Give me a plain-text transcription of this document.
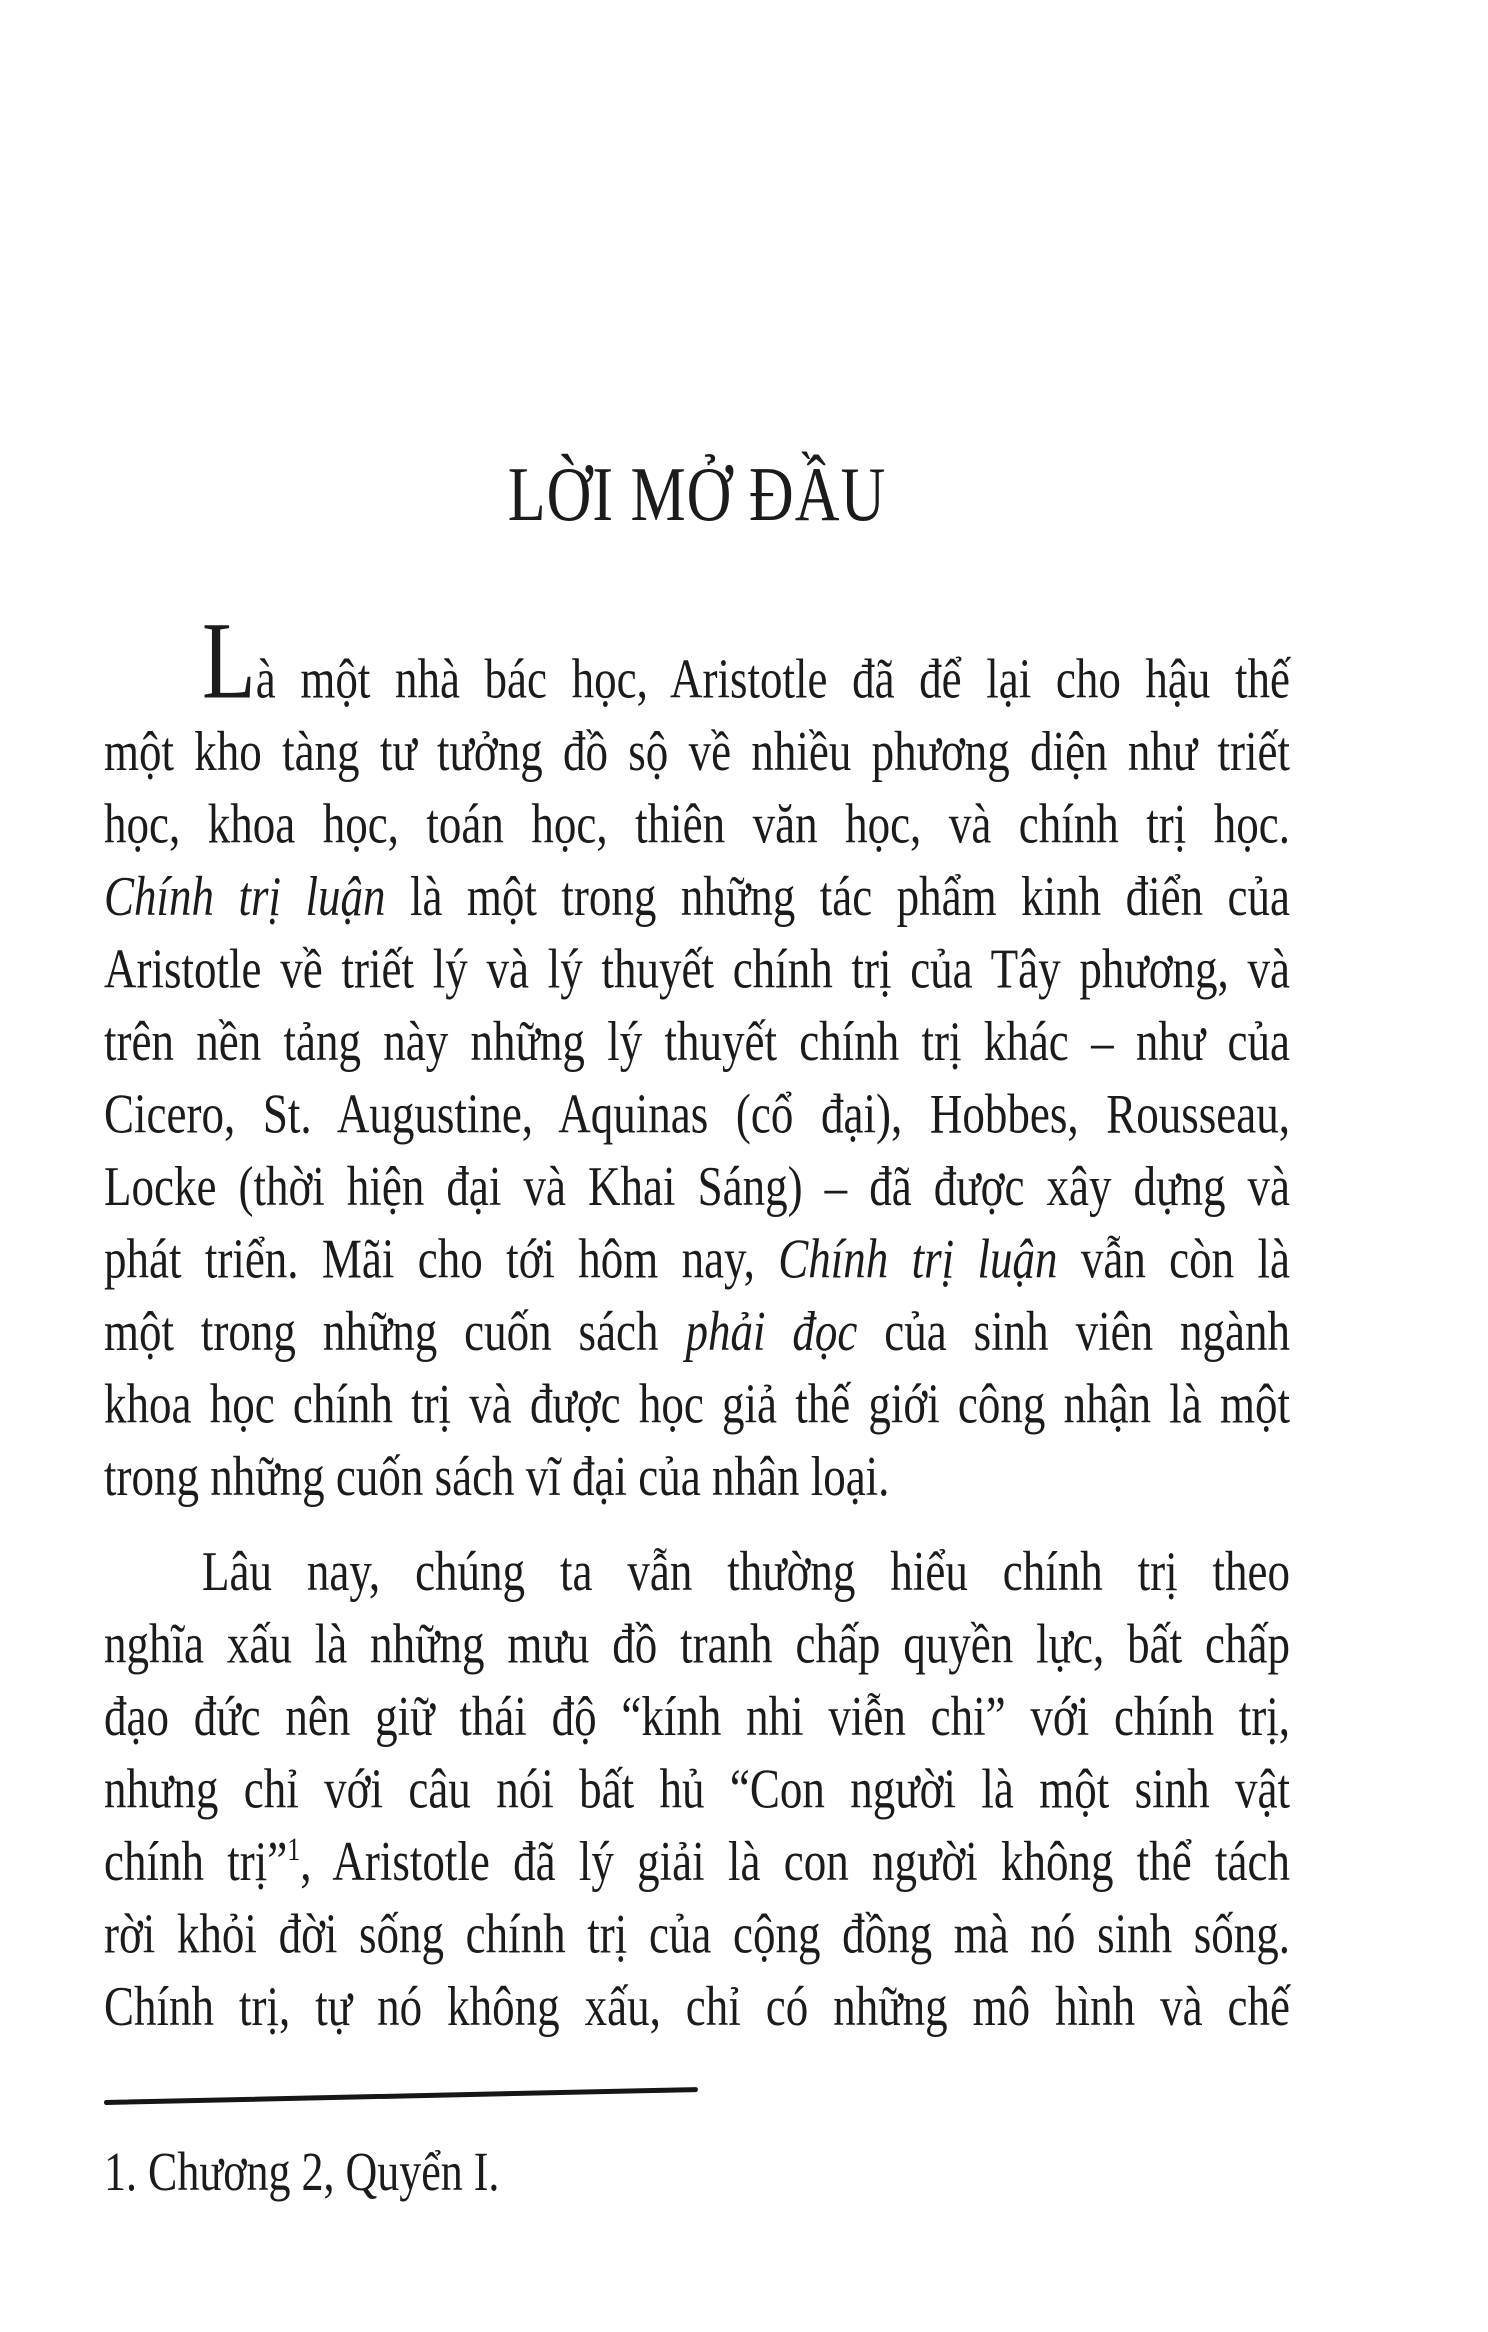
LỜI MỞ ĐẦU
Là một nhà bác học, Aristotle đã để lại cho hậu thế
một kho tàng tư tưởng đồ sộ về nhiều phương diện như triết
học, khoa học, toán học, thiên văn học, và chính trị học.
Chính trị luận là một trong những tác phẩm kinh điển của
Aristotle về triết lý và lý thuyết chính trị của Tây phương, và
trên nền tảng này những lý thuyết chính trị khác – như của
Cicero, St. Augustine, Aquinas (cổ đại), Hobbes, Rousseau,
Locke (thời hiện đại và Khai Sáng) – đã được xây dựng và
phát triển. Mãi cho tới hôm nay, Chính trị luận vẫn còn là
một trong những cuốn sách phải đọc của sinh viên ngành
khoa học chính trị và được học giả thế giới công nhận là một
trong những cuốn sách vĩ đại của nhân loại.
Lâu nay, chúng ta vẫn thường hiểu chính trị theo
nghĩa xấu là những mưu đồ tranh chấp quyền lực, bất chấp
đạo đức nên giữ thái độ “kính nhi viễn chi” với chính trị,
nhưng chỉ với câu nói bất hủ “Con người là một sinh vật
chính trị”$^1$, Aristotle đã lý giải là con người không thể tách
rời khỏi đời sống chính trị của cộng đồng mà nó sinh sống.
Chính trị, tự nó không xấu, chỉ có những mô hình và chế
1. Chương 2, Quyển I.
